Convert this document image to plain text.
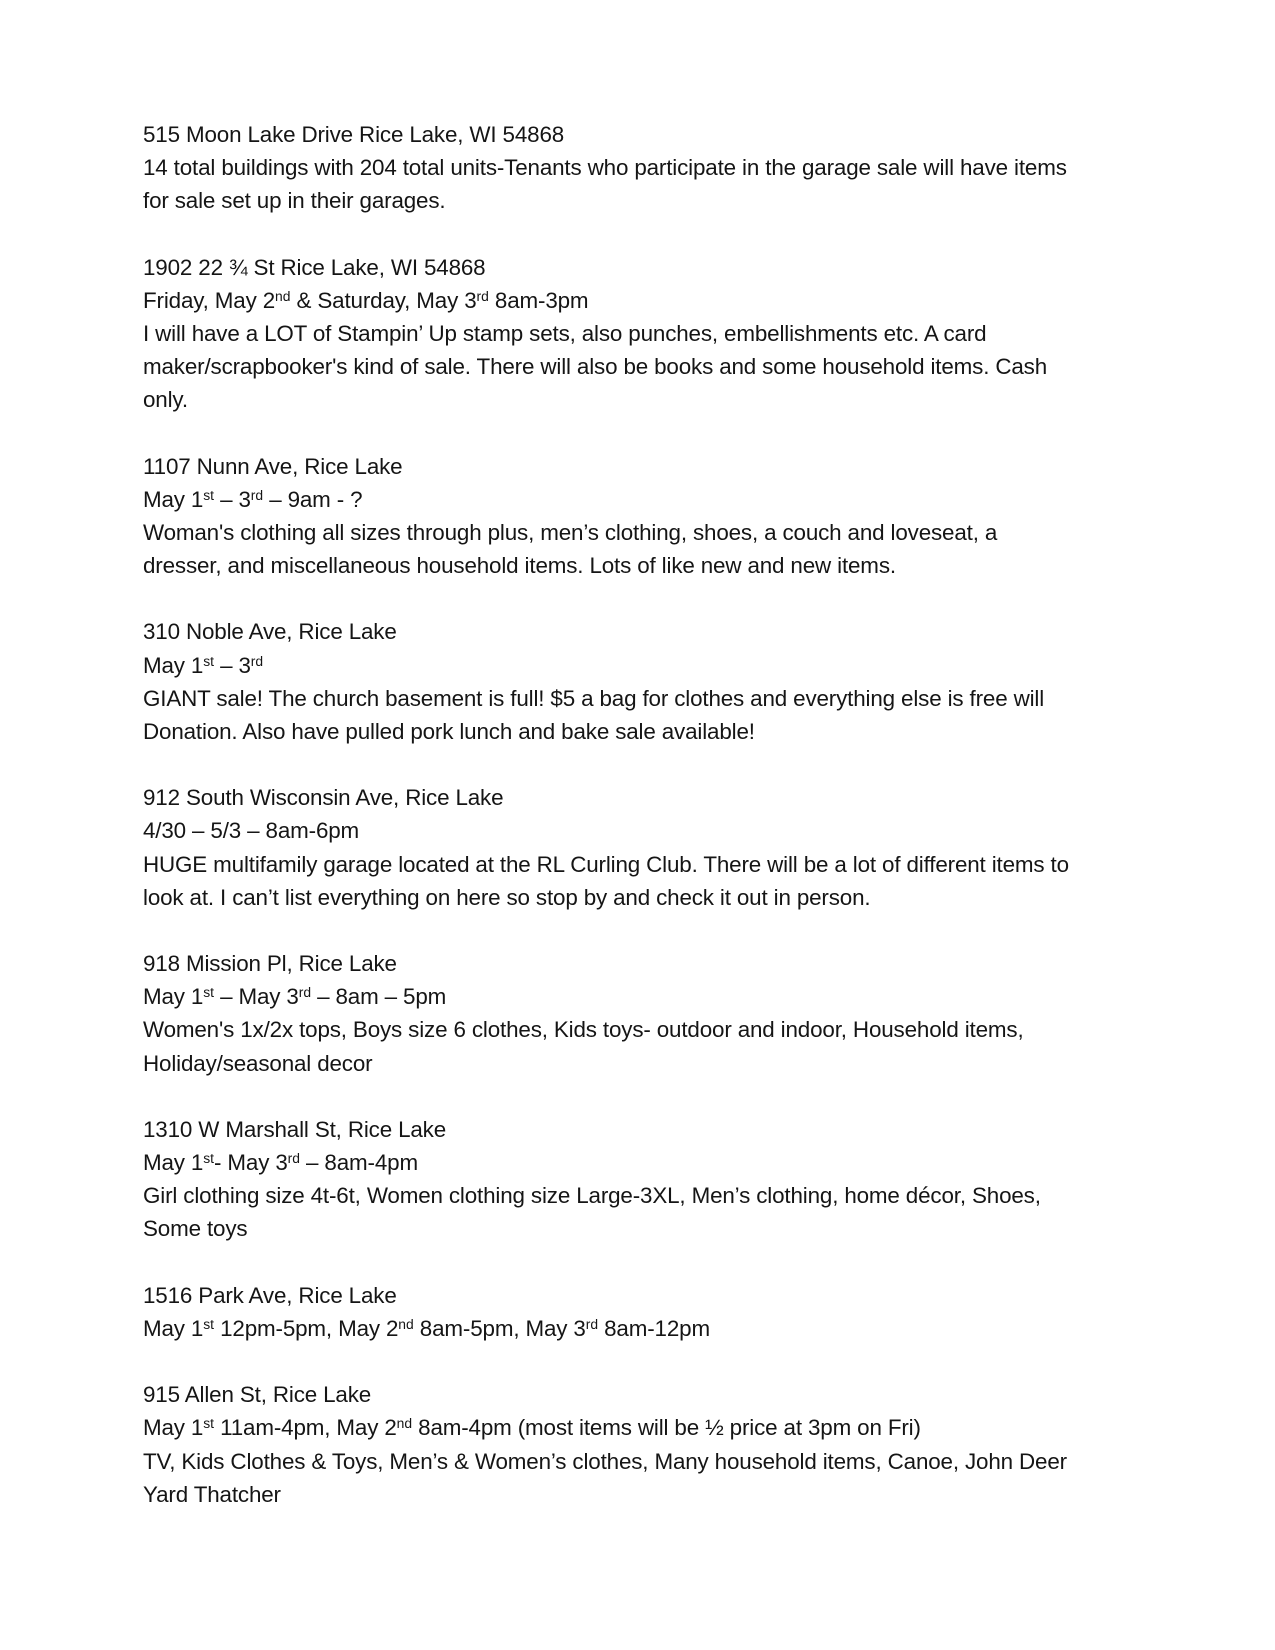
515 Moon Lake Drive Rice Lake, WI 54868

14 total buildings with 204 total units-Tenants who participate in the garage sale will have items for sale set up in their garages.

1902 22 ¾ St Rice Lake, WI 54868

Friday, May 2nd & Saturday, May 3rd 8am-3pm

I will have a LOT of Stampin’ Up stamp sets, also punches, embellishments etc. A card maker/scrapbooker's kind of sale. There will also be books and some household items. Cash only.

1107 Nunn Ave, Rice Lake

May 1st – 3rd – 9am - ?

Woman's clothing all sizes through plus, men’s clothing, shoes, a couch and loveseat, a dresser, and miscellaneous household items. Lots of like new and new items.

310 Noble Ave, Rice Lake

May 1st – 3rd

GIANT sale! The church basement is full! $5 a bag for clothes and everything else is free will Donation. Also have pulled pork lunch and bake sale available!

912 South Wisconsin Ave, Rice Lake

4/30 – 5/3 – 8am-6pm

HUGE multifamily garage located at the RL Curling Club. There will be a lot of different items to look at. I can’t list everything on here so stop by and check it out in person.

918 Mission Pl, Rice Lake

May 1st – May 3rd – 8am – 5pm

Women's 1x/2x tops, Boys size 6 clothes, Kids toys- outdoor and indoor, Household items, Holiday/seasonal decor

1310 W Marshall St, Rice Lake

May 1st- May 3rd – 8am-4pm

Girl clothing size 4t-6t, Women clothing size Large-3XL, Men’s clothing, home décor, Shoes, Some toys

1516 Park Ave, Rice Lake

May 1st 12pm-5pm, May 2nd 8am-5pm, May 3rd 8am-12pm

915 Allen St, Rice Lake

May 1st 11am-4pm, May 2nd 8am-4pm (most items will be ½ price at 3pm on Fri)

TV, Kids Clothes & Toys, Men’s & Women’s clothes, Many household items, Canoe, John Deer Yard Thatcher
